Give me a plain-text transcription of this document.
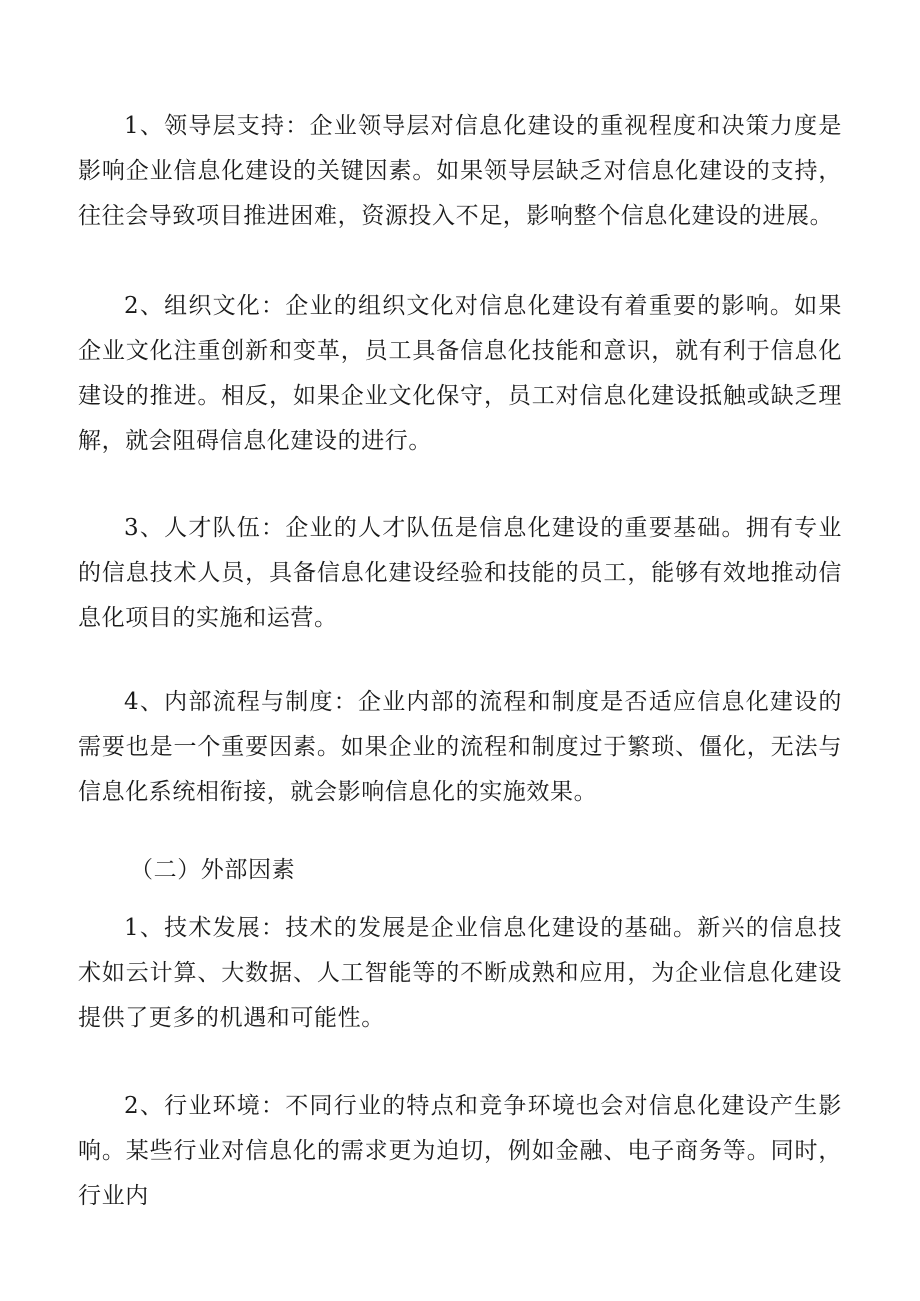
1、领导层支持：企业领导层对信息化建设的重视程度和决策力度是影响企业信息化建设的关键因素。如果领导层缺乏对信息化建设的支持，往往会导致项目推进困难，资源投入不足，影响整个信息化建设的进展。

2、组织文化：企业的组织文化对信息化建设有着重要的影响。如果企业文化注重创新和变革，员工具备信息化技能和意识，就有利于信息化建设的推进。相反，如果企业文化保守，员工对信息化建设抵触或缺乏理解，就会阻碍信息化建设的进行。

3、人才队伍：企业的人才队伍是信息化建设的重要基础。拥有专业的信息技术人员，具备信息化建设经验和技能的员工，能够有效地推动信息化项目的实施和运营。

4、内部流程与制度：企业内部的流程和制度是否适应信息化建设的需要也是一个重要因素。如果企业的流程和制度过于繁琐、僵化，无法与信息化系统相衔接，就会影响信息化的实施效果。

（二）外部因素

1、技术发展：技术的发展是企业信息化建设的基础。新兴的信息技术如云计算、大数据、人工智能等的不断成熟和应用，为企业信息化建设提供了更多的机遇和可能性。

2、行业环境：不同行业的特点和竞争环境也会对信息化建设产生影响。某些行业对信息化的需求更为迫切，例如金融、电子商务等。同时，行业内
